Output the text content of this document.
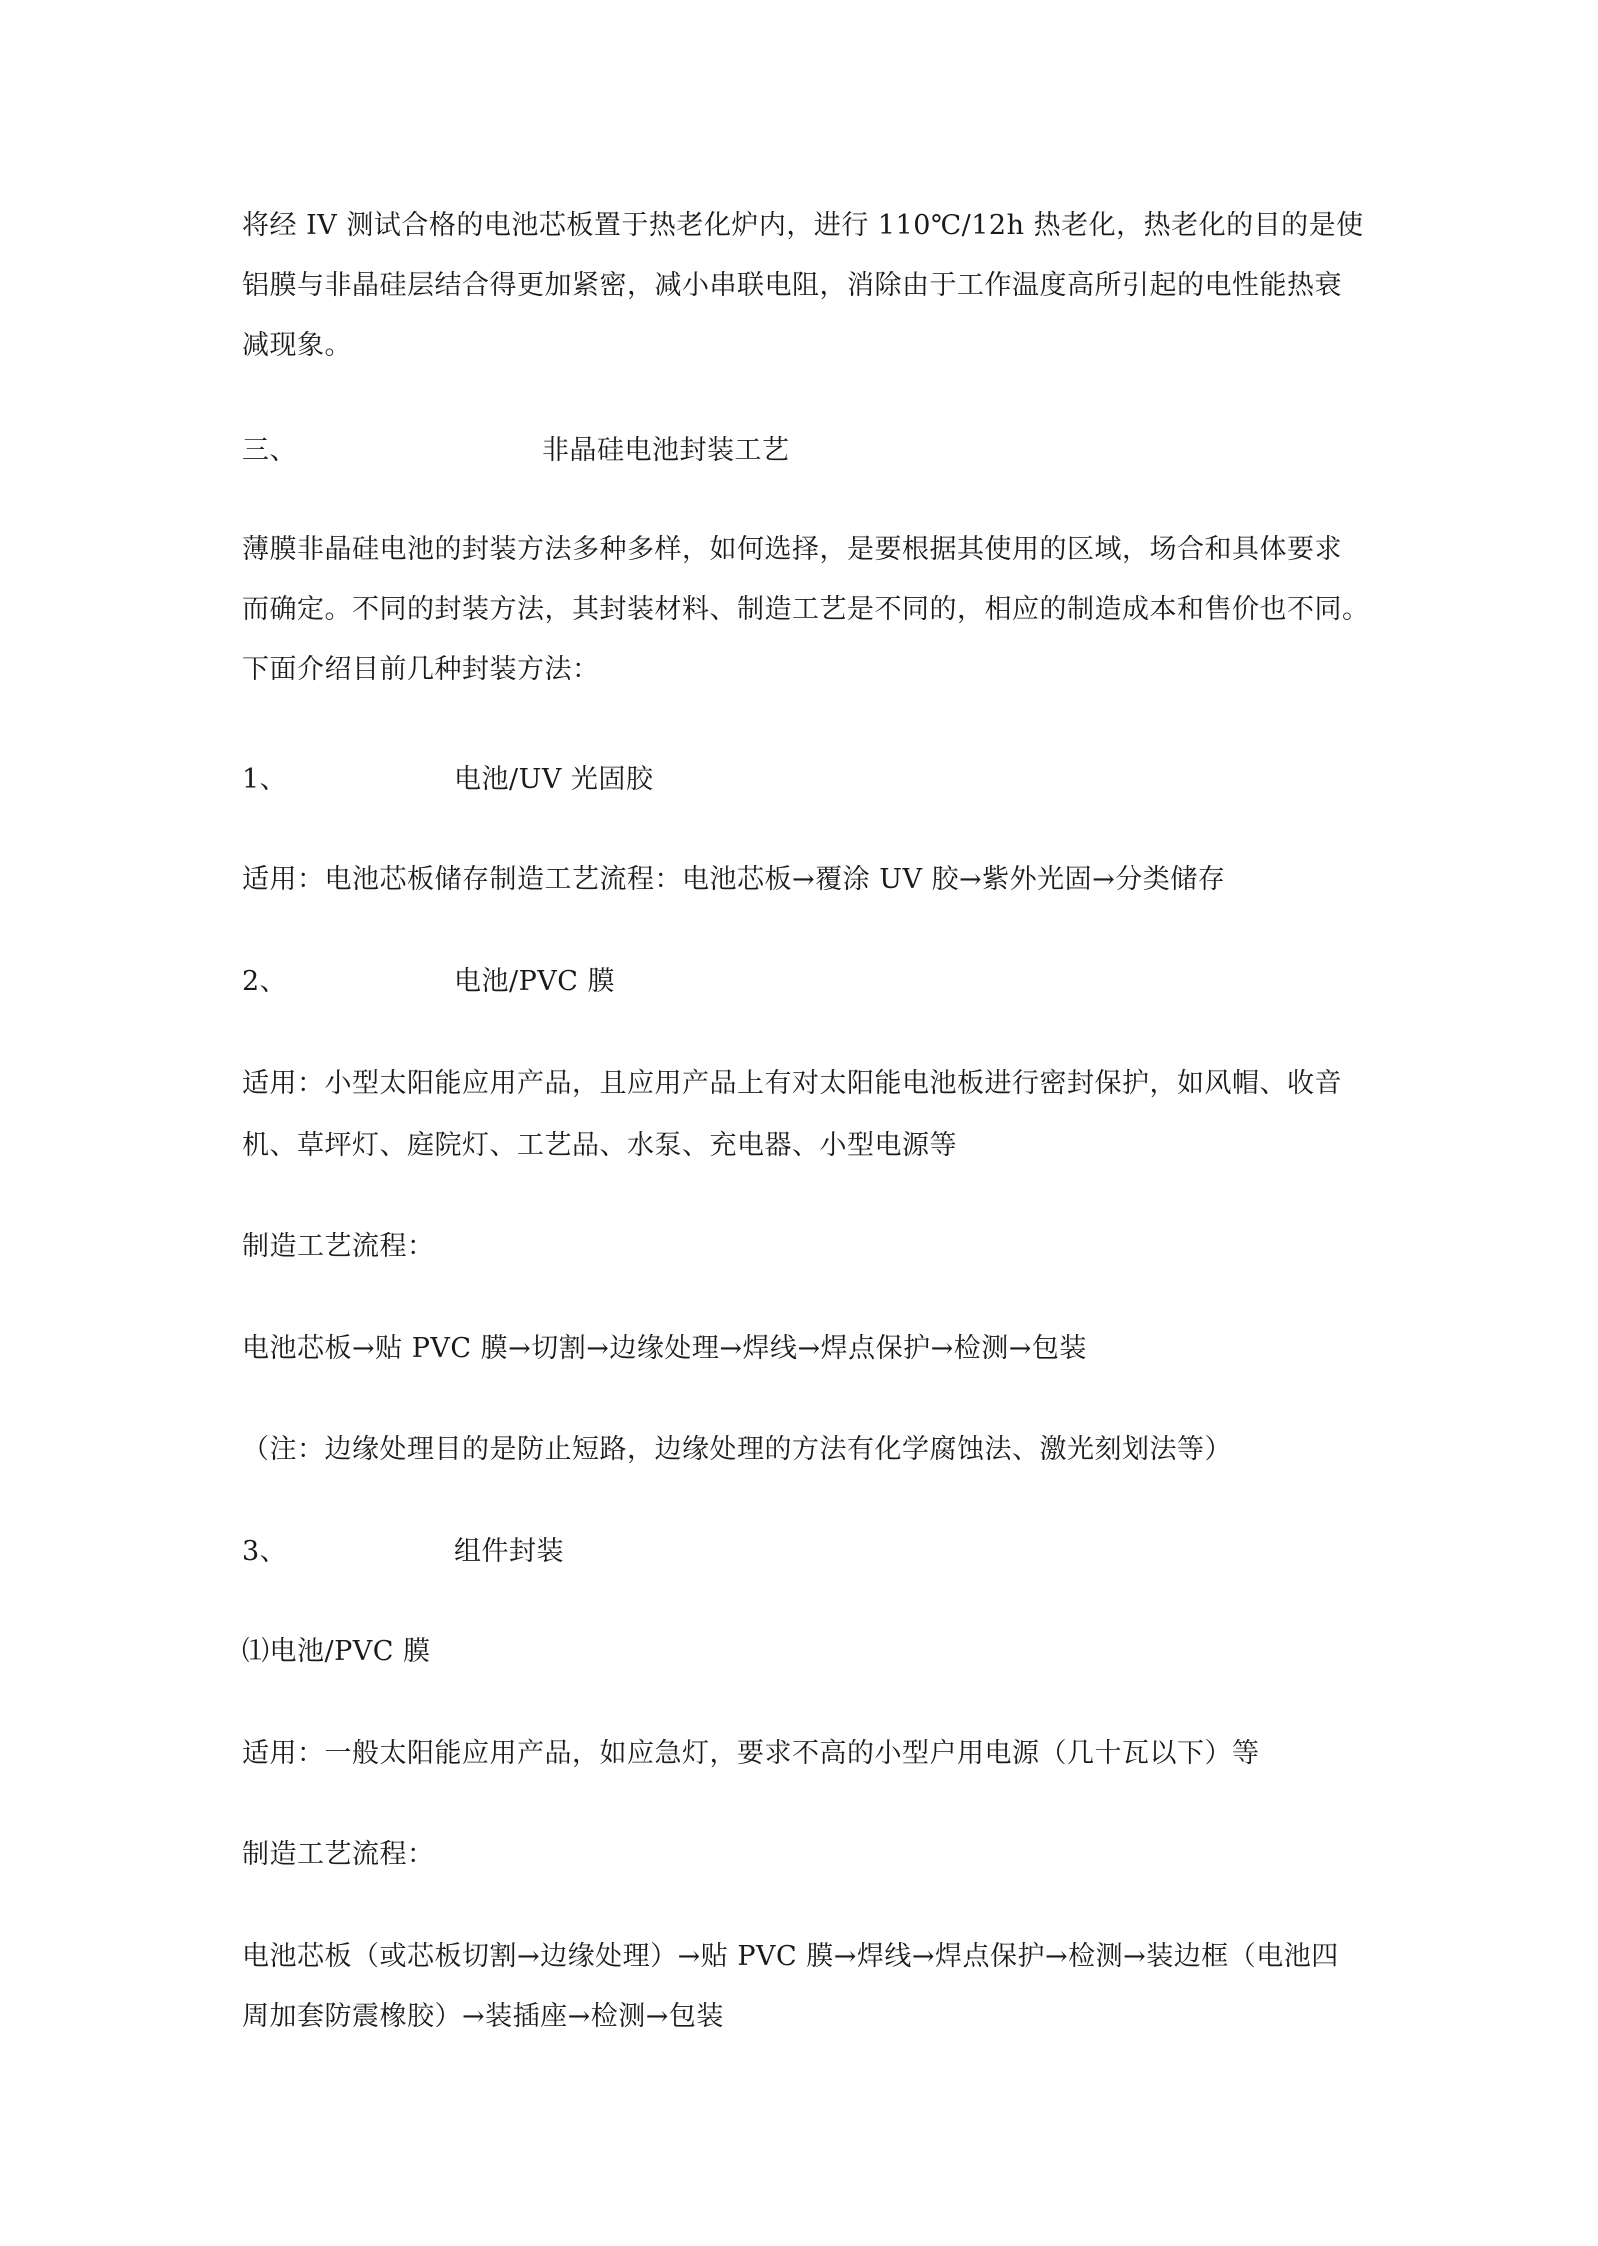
将经 IV 测试合格的电池芯板置于热老化炉内，进行 110℃/12h 热老化，热老化的目的是使
铝膜与非晶硅层结合得更加紧密，减小串联电阻，消除由于工作温度高所引起的电性能热衰
减现象。
三、	非晶硅电池封装工艺
薄膜非晶硅电池的封装方法多种多样，如何选择，是要根据其使用的区域，场合和具体要求
而确定。不同的封装方法，其封装材料、制造工艺是不同的，相应的制造成本和售价也不同。
下面介绍目前几种封装方法：
1、	电池/UV 光固胶
适用：电池芯板储存制造工艺流程：电池芯板→覆涂 UV 胶→紫外光固→分类储存
2、	电池/PVC 膜
适用：小型太阳能应用产品，且应用产品上有对太阳能电池板进行密封保护，如风帽、收音
机、草坪灯、庭院灯、工艺品、水泵、充电器、小型电源等
制造工艺流程：
电池芯板→贴 PVC 膜→切割→边缘处理→焊线→焊点保护→检测→包装
（注：边缘处理目的是防止短路，边缘处理的方法有化学腐蚀法、激光刻划法等）
3、	组件封装
⑴电池/PVC 膜
适用：一般太阳能应用产品，如应急灯，要求不高的小型户用电源（几十瓦以下）等
制造工艺流程：
电池芯板（或芯板切割→边缘处理）→贴 PVC 膜→焊线→焊点保护→检测→装边框（电池四
周加套防震橡胶）→装插座→检测→包装
